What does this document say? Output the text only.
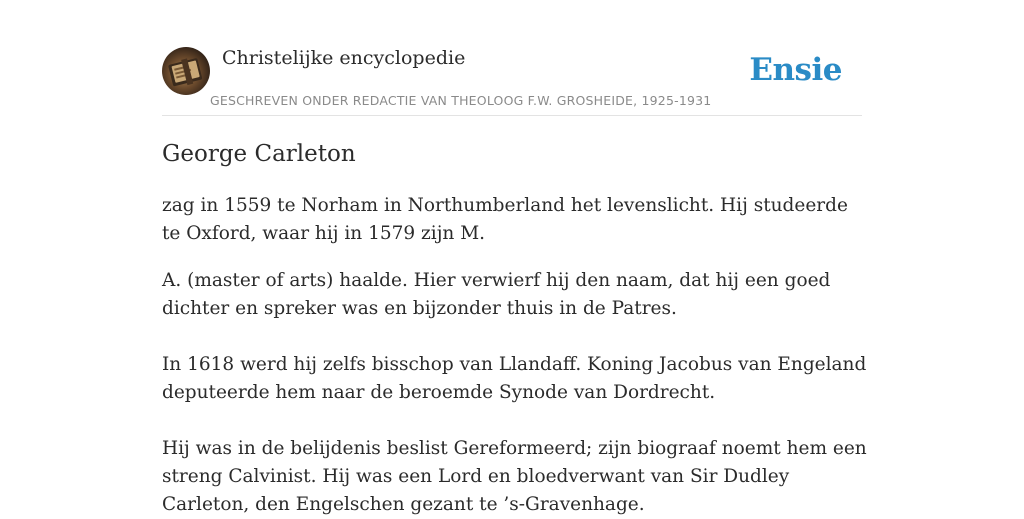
Christelijke encyclopedie
GESCHREVEN ONDER REDACTIE VAN THEOLOOG F.W. GROSHEIDE, 1925-1931
Ensie
George Carleton

zag in 1559 te Norham in Northumberland het levenslicht. Hij studeerde te Oxford, waar hij in 1579 zijn M.

A. (master of arts) haalde. Hier verwierf hij den naam, dat hij een goed dichter en spreker was en bijzonder thuis in de Patres.

In 1618 werd hij zelfs bisschop van Llandaff. Koning Jacobus van Engeland deputeerde hem naar de beroemde Synode van Dordrecht.

Hij was in de belijdenis beslist Gereformeerd; zijn biograaf noemt hem een streng Calvinist. Hij was een Lord en bloedverwant van Sir Dudley Carleton, den Engelschen gezant te ’s-Gravenhage.
